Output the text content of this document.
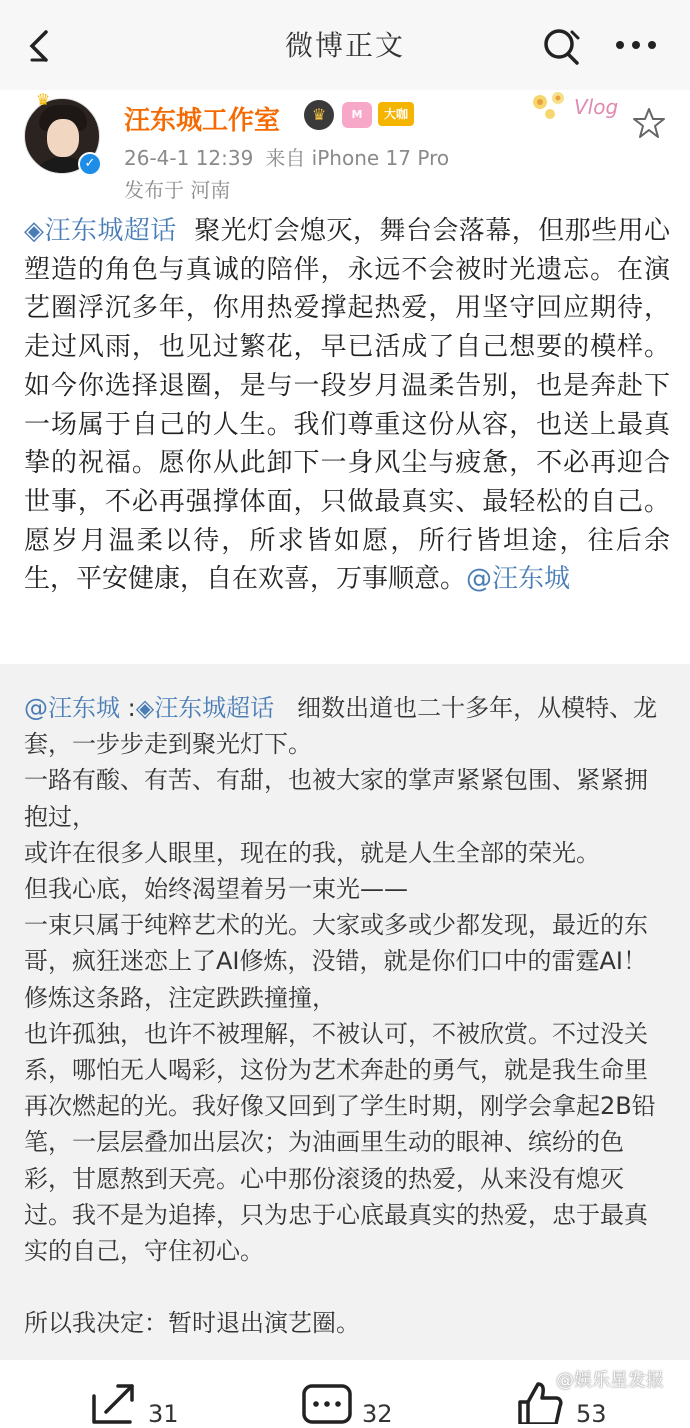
微博正文
♛
✓
汪东城工作室	♛	M	大咖
26-4-1 12:39 来自 iPhone 17 Pro
发布于 河南
Vlog
◈汪东城超话 聚光灯会熄灭，舞台会落幕，但那些用心塑造的角色与真诚的陪伴，永远不会被时光遗忘。在演艺圈浮沉多年，你用热爱撑起热爱，用坚守回应期待，走过风雨，也见过繁花，早已活成了自己想要的模样。 如今你选择退圈，是与一段岁月温柔告别，也是奔赴下一场属于自己的人生。我们尊重这份从容，也送上最真挚的祝福。愿你从此卸下一身风尘与疲惫，不必再迎合世事，不必再强撑体面，只做最真实、最轻松的自己。 愿岁月温柔以待，所求皆如愿，所行皆坦途，往后余生，平安健康，自在欢喜，万事顺意。@汪东城

@汪东城 :◈汪东城超话 细数出道也二十多年，从模特、龙套，一步步走到聚光灯下。

一路有酸、有苦、有甜，也被大家的掌声紧紧包围、紧紧拥抱过，

或许在很多人眼里，现在的我，就是人生全部的荣光。

但我心底，始终渴望着另一束光——

一束只属于纯粹艺术的光。大家或多或少都发现，最近的东哥，疯狂迷恋上了AI修炼，没错，就是你们口中的雷霆AI！修炼这条路，注定跌跌撞撞，

也许孤独，也许不被理解，不被认可，不被欣赏。不过没关系，哪怕无人喝彩，这份为艺术奔赴的勇气，就是我生命里再次燃起的光。我好像又回到了学生时期，刚学会拿起2B铅笔，一层层叠加出层次；为油画里生动的眼神、缤纷的色彩，甘愿熬到天亮。心中那份滚烫的热爱，从来没有熄灭过。我不是为追捧，只为忠于心底最真实的热爱，忠于最真实的自己，守住初心。

所以我决定：暂时退出演艺圈。

31	32	53
@娱乐星发报
